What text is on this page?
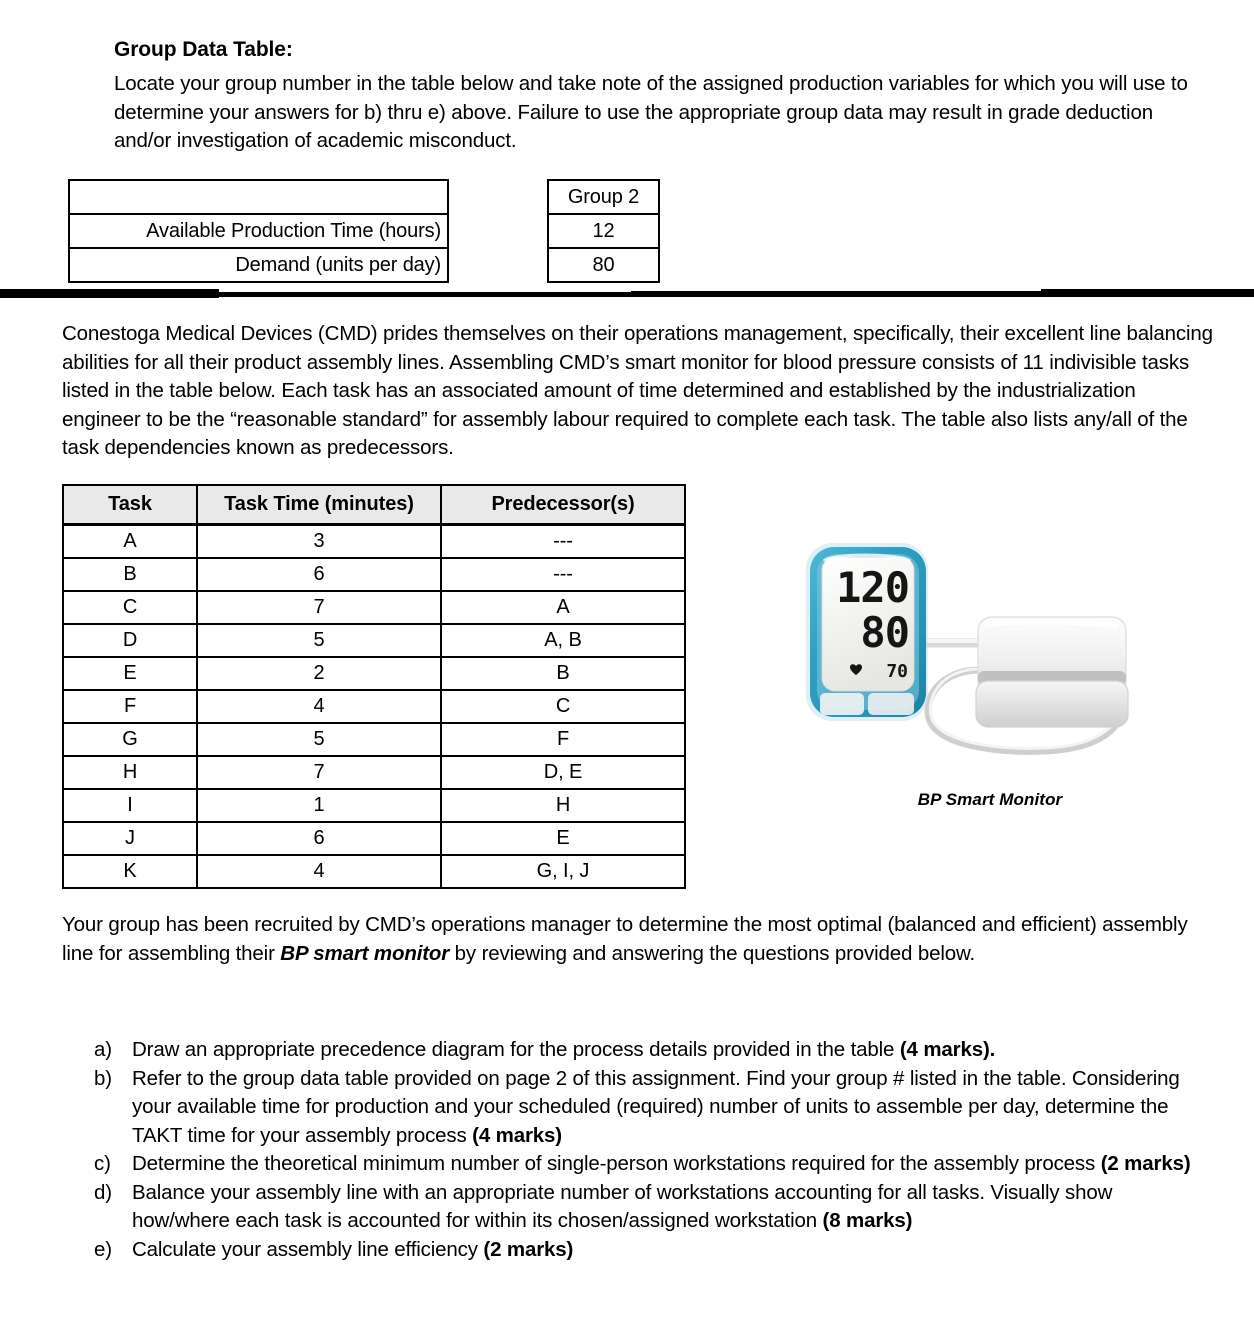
Group Data Table:
Locate your group number in the table below and take note of the assigned production variables for which you will use to determine your answers for b) thru e) above. Failure to use the appropriate group data may result in grade deduction and/or investigation of academic misconduct.
		Group 2
Available Production Time (hours)		12
Demand (units per day)		80
Conestoga Medical Devices (CMD) prides themselves on their operations management, specifically, their excellent line balancing abilities for all their product assembly lines. Assembling CMD’s smart monitor for blood pressure consists of 11 indivisible tasks listed in the table below. Each task has an associated amount of time determined and established by the industrialization engineer to be the “reasonable standard” for assembly labour required to complete each task. The table also lists any/all of the task dependencies known as predecessors.
Task	Task Time (minutes)	Predecessor(s)
A	3	---
B	6	---
C	7	A
D	5	A, B
E	2	B
F	4	C
G	5	F
H	7	D, E
I	1	H
J	6	E
K	4	G, I, J
120
80
70
BP Smart Monitor
Your group has been recruited by CMD’s operations manager to determine the most optimal (balanced and efficient) assembly line for assembling their BP smart monitor by reviewing and answering the questions provided below.
a) Draw an appropriate precedence diagram for the process details provided in the table (4 marks).
b) Refer to the group data table provided on page 2 of this assignment. Find your group # listed in the table. Considering your available time for production and your scheduled (required) number of units to assemble per day, determine the TAKT time for your assembly process (4 marks)
c)	Determine the theoretical minimum number of single-person workstations required for the assembly process (2 marks)
d) Balance your assembly line with an appropriate number of workstations accounting for all tasks. Visually show how/where each task is accounted for within its chosen/assigned workstation (8 marks)
e) Calculate your assembly line efficiency (2 marks)
